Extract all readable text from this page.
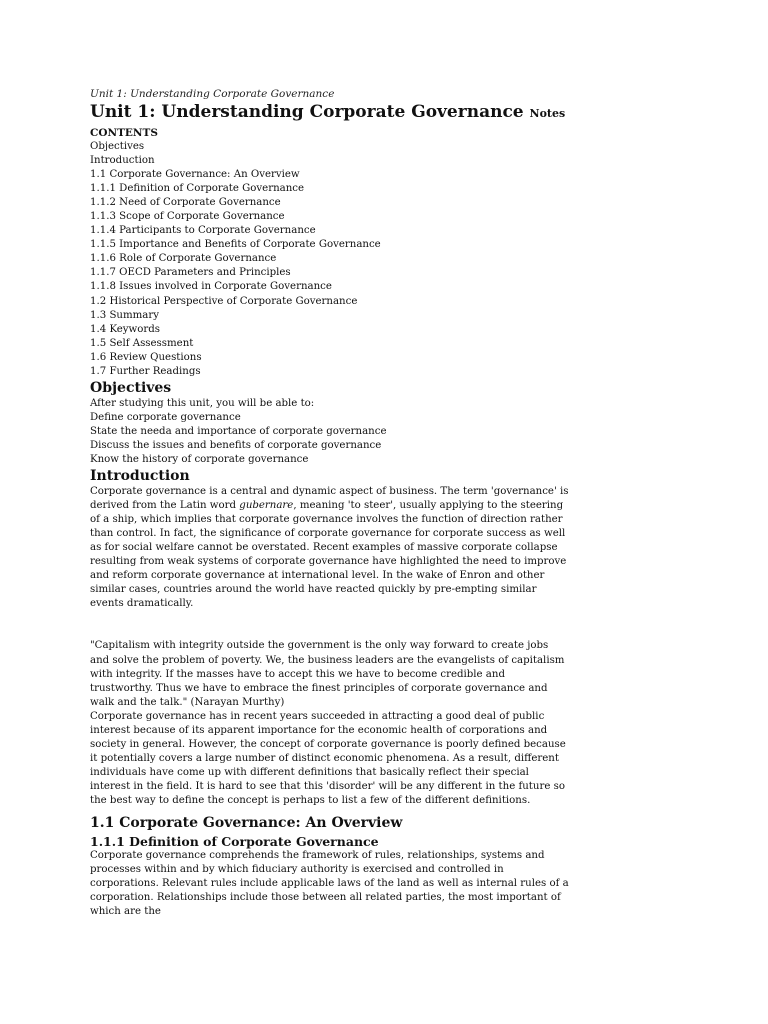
Unit 1: Understanding Corporate Governance
Unit 1: Understanding Corporate Governance Notes
CONTENTS
Objectives
Introduction
1.1 Corporate Governance: An Overview
1.1.1 Definition of Corporate Governance
1.1.2 Need of Corporate Governance
1.1.3 Scope of Corporate Governance
1.1.4 Participants to Corporate Governance
1.1.5 Importance and Benefits of Corporate Governance
1.1.6 Role of Corporate Governance
1.1.7 OECD Parameters and Principles
1.1.8 Issues involved in Corporate Governance
1.2 Historical Perspective of Corporate Governance
1.3 Summary
1.4 Keywords
1.5 Self Assessment
1.6 Review Questions
1.7 Further Readings
Objectives
After studying this unit, you will be able to:
Define corporate governance
State the needa and importance of corporate governance
Discuss the issues and benefits of corporate governance
Know the history of corporate governance
Introduction

Corporate governance is a central and dynamic aspect of business. The term 'governance' is derived from the Latin word gubernare, meaning 'to steer', usually applying to the steering of a ship, which implies that corporate governance involves the function of direction rather than control. In fact, the significance of corporate governance for corporate success as well as for social welfare cannot be overstated. Recent examples of massive corporate collapse resulting from weak systems of corporate governance have highlighted the need to improve and reform corporate governance at international level. In the wake of Enron and other similar cases, countries around the world have reacted quickly by pre-empting similar events dramatically.

"Capitalism with integrity outside the government is the only way forward to create jobs and solve the problem of poverty. We, the business leaders are the evangelists of capitalism with integrity. If the masses have to accept this we have to become credible and trustworthy. Thus we have to embrace the finest principles of corporate governance and walk and the talk." (Narayan Murthy)

Corporate governance has in recent years succeeded in attracting a good deal of public interest because of its apparent importance for the economic health of corporations and society in general. However, the concept of corporate governance is poorly defined because it potentially covers a large number of distinct economic phenomena. As a result, different individuals have come up with different definitions that basically reflect their special interest in the field. It is hard to see that this 'disorder' will be any different in the future so the best way to define the concept is perhaps to list a few of the different definitions.

1.1 Corporate Governance: An Overview
1.1.1 Definition of Corporate Governance

Corporate governance comprehends the framework of rules, relationships, systems and processes within and by which fiduciary authority is exercised and controlled in corporations. Relevant rules include applicable laws of the land as well as internal rules of a corporation. Relationships include those between all related parties, the most important of which are the
